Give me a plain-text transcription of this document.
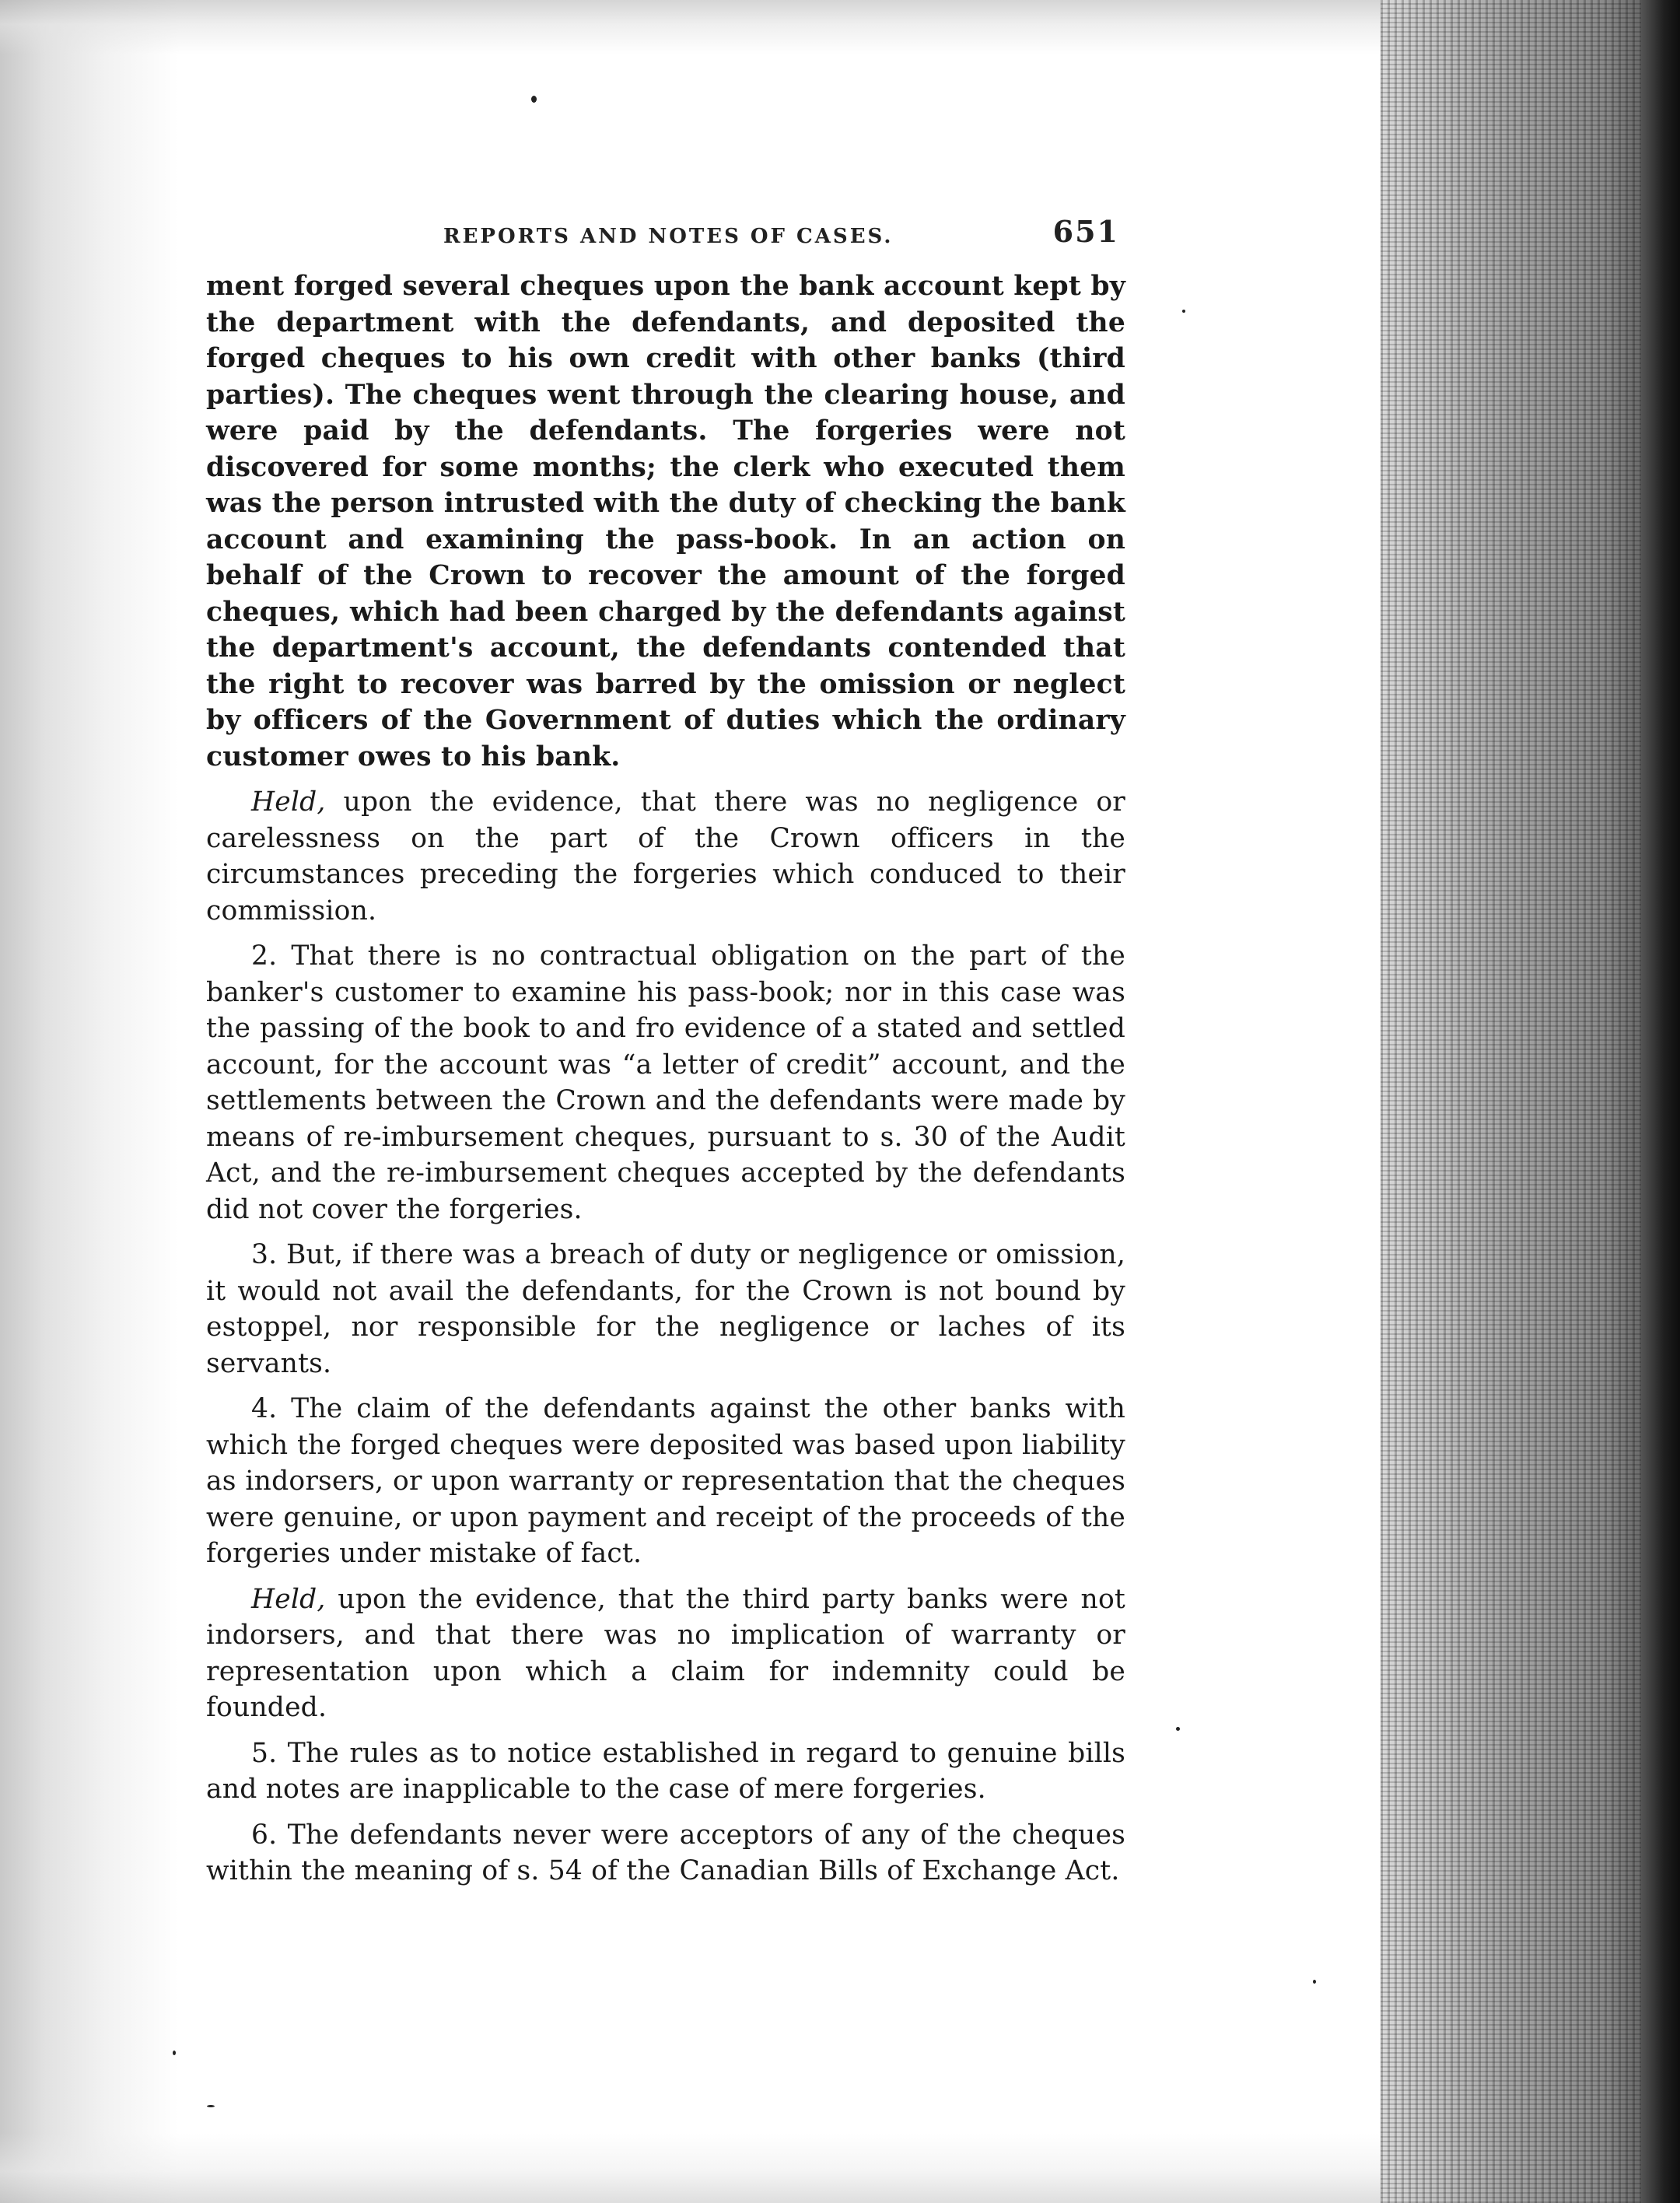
REPORTS AND NOTES OF CASES.	651

ment forged several cheques upon the bank account kept by the department with the defendants, and deposited the forged cheques to his own credit with other banks (third parties). The cheques went through the clearing house, and were paid by the defendants. The forgeries were not discovered for some months; the clerk who executed them was the person intrusted with the duty of checking the bank account and examining the pass-book. In an action on behalf of the Crown to recover the amount of the forged cheques, which had been charged by the defendants against the department's account, the defendants contended that the right to recover was barred by the omission or neglect by officers of the Government of duties which the ordinary customer owes to his bank.

Held, upon the evidence, that there was no negligence or carelessness on the part of the Crown officers in the circumstances preceding the forgeries which conduced to their commission.

2. That there is no contractual obligation on the part of the banker's customer to examine his pass-book; nor in this case was the passing of the book to and fro evidence of a stated and settled account, for the account was “a letter of credit” account, and the settlements between the Crown and the defendants were made by means of re-imbursement cheques, pursuant to s. 30 of the Audit Act, and the re-imbursement cheques accepted by the defendants did not cover the forgeries.

3. But, if there was a breach of duty or negligence or omission, it would not avail the defendants, for the Crown is not bound by estoppel, nor responsible for the negligence or laches of its servants.

4. The claim of the defendants against the other banks with which the forged cheques were deposited was based upon liability as indorsers, or upon warranty or representation that the cheques were genuine, or upon payment and receipt of the proceeds of the forgeries under mistake of fact.

Held, upon the evidence, that the third party banks were not indorsers, and that there was no implication of warranty or representation upon which a claim for indemnity could be founded.

5. The rules as to notice established in regard to genuine bills and notes are inapplicable to the case of mere forgeries.

6. The defendants never were acceptors of any of the cheques within the meaning of s. 54 of the Canadian Bills of Exchange Act.
